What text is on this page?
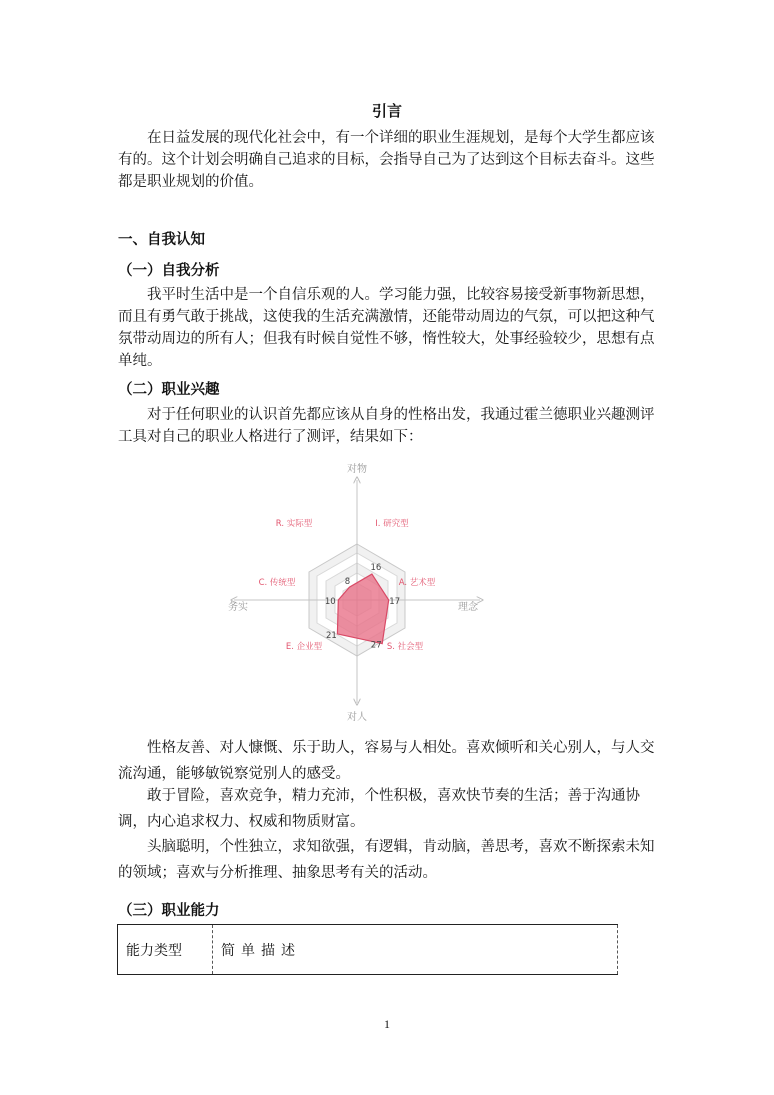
引言

在日益发展的现代化社会中，有一个详细的职业生涯规划，是每个大学生都应该有的。这个计划会明确自己追求的目标，会指导自己为了达到这个目标去奋斗。这些都是职业规划的价值。

一、自我认知
（一）自我分析

我平时生活中是一个自信乐观的人。学习能力强，比较容易接受新事物新思想，而且有勇气敢于挑战，这使我的生活充满激情，还能带动周边的气氛，可以把这种气氛带动周边的所有人；但我有时候自觉性不够，惰性较大，处事经验较少，思想有点单纯。

（二）职业兴趣

对于任何职业的认识首先都应该从自身的性格出发，我通过霍兰德职业兴趣测评工具对自己的职业人格进行了测评，结果如下：

16
17
27
21
10
8
I. 研究型
A. 艺术型
S. 社会型
E. 企业型
C. 传统型
R. 实际型
对物
对人
务实	理念

性格友善、对人慷慨、乐于助人，容易与人相处。喜欢倾听和关心别人，与人交流沟通，能够敏锐察觉别人的感受。

敢于冒险，喜欢竞争，精力充沛，个性积极，喜欢快节奏的生活；善于沟通协调，内心追求权力、权威和物质财富。

头脑聪明，个性独立，求知欲强，有逻辑，肯动脑，善思考，喜欢不断探索未知的领域；喜欢与分析推理、抽象思考有关的活动。

（三）职业能力
能力类型	简单描述
1
